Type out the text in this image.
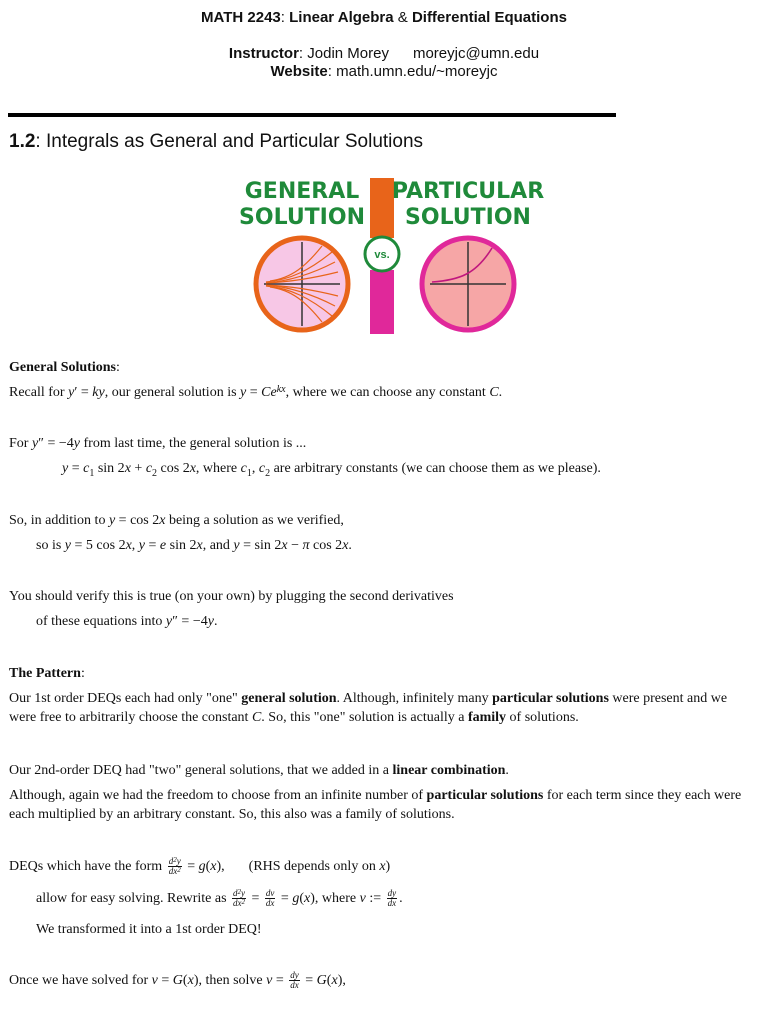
MATH 2243: Linear Algebra & Differential Equations
Instructor: Jodin Morey moreyjc@umn.edu
Website: math.umn.edu/~moreyjc
1.2: Integrals as General and Particular Solutions
vs.
GENERAL
SOLUTION
PARTICULAR
SOLUTION
General Solutions:
Recall for y′ = ky, our general solution is $y = Ce^{kx}$, where we can choose any constant C.
For y″ = −4y from last time, the general solution is ...
$y = c_1$ $\sin 2x + c_2$ cos 2x, where $c_1$, $c_2$ are arbitrary constants (we can choose them as we please).
So, in addition to y = cos 2x being a solution as we verified,
so is y = 5 cos 2x, y = e sin 2x, and y = sin 2x − π cos 2x.
You should verify this is true (on your own) by plugging the second derivatives
of these equations into y″ = −4y.
The Pattern:
Our 1st order DEQs each had only "one" general solution. Although, infinitely many particular solutions were present and we were free to arbitrarily choose the constant C. So, this "one" solution is actually a family of solutions.
Our 2nd-order DEQ had "two" general solutions, that we added in a linear combination.
Although, again we had the freedom to choose from an infinite number of particular solutions for each term since they each were each multiplied by an arbitrary constant. So, this also was a family of solutions.
DEQs which have the form $\frac{d^2y}{dx^2} = g(x)$, (RHS depends only on x)
allow for easy solving. Rewrite as $\frac{d^2y}{dx^2} = \frac{dv}{dx} = g(x)$, where v := $\frac{dy}{dx}$ .
We transformed it into a 1st order DEQ!
Once we have solved for v = G(x), then solve $v = \frac{dy}{dx} = G(x)$,
